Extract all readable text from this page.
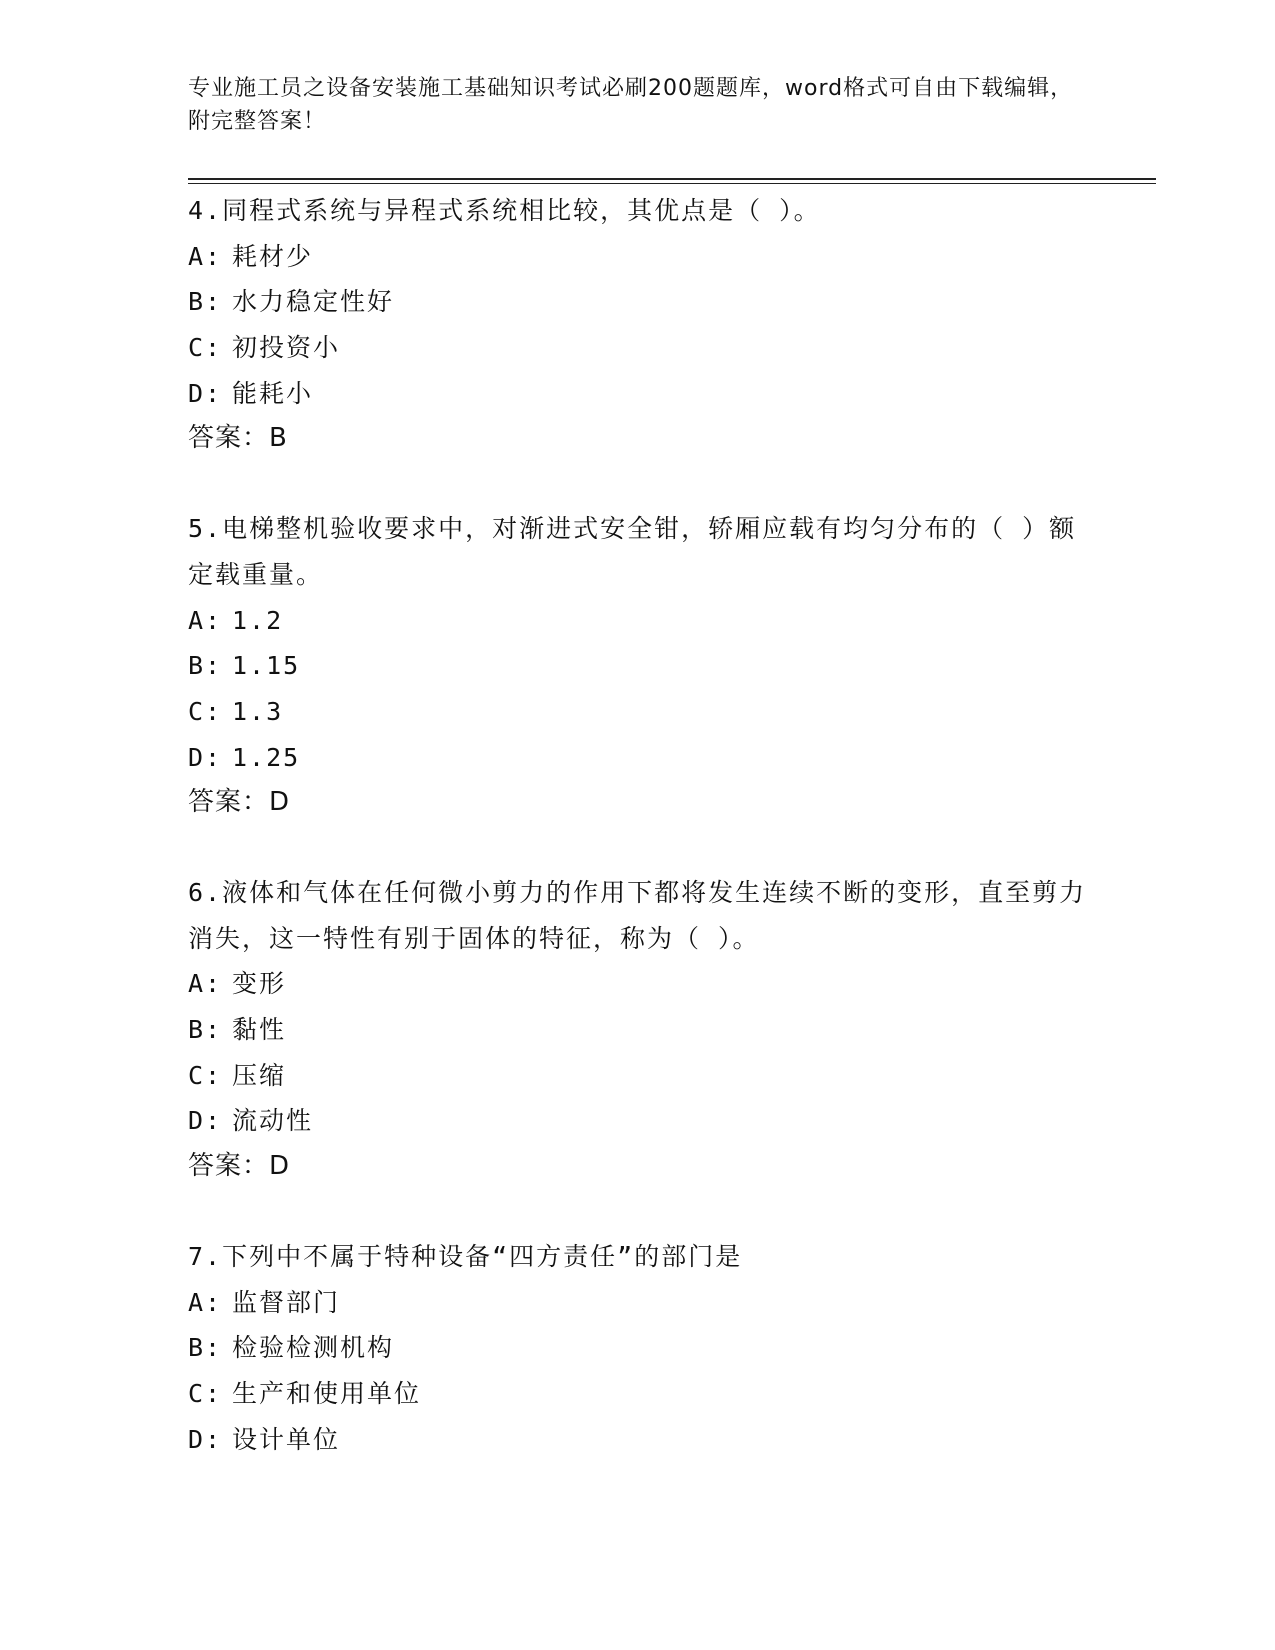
专业施工员之设备安装施工基础知识考试必刷200题题库，word格式可自由下载编辑，附完整答案！
4.同程式系统与异程式系统相比较，其优点是（ ）。
A: 耗材少
B: 水力稳定性好
C: 初投资小
D: 能耗小
答案：B
5.电梯整机验收要求中，对渐进式安全钳，轿厢应载有均匀分布的（ ）额定载重量。
A: 1.2
B: 1.15
C: 1.3
D: 1.25
答案：D
6.液体和气体在任何微小剪力的作用下都将发生连续不断的变形，直至剪力消失，这一特性有别于固体的特征，称为（ ）。
A: 变形
B: 黏性
C: 压缩
D: 流动性
答案：D
7.下列中不属于特种设备“四方责任”的部门是
A: 监督部门
B: 检验检测机构
C: 生产和使用单位
D: 设计单位
